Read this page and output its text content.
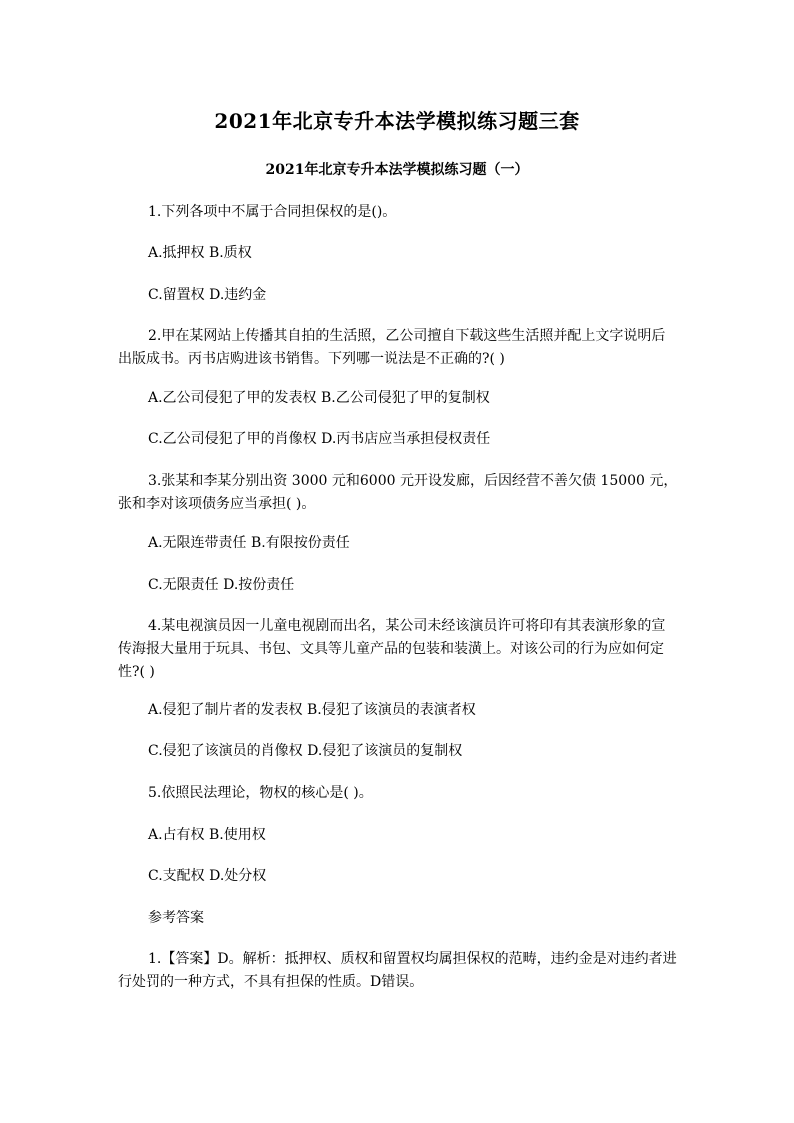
2021年北京专升本法学模拟练习题三套
2021年北京专升本法学模拟练习题（一）

1.下列各项中不属于合同担保权的是()。

A.抵押权 B.质权

C.留置权 D.违约金

2.甲在某网站上传播其自拍的生活照，乙公司擅自下载这些生活照并配上文字说明后出版成书。丙书店购进该书销售。下列哪一说法是不正确的?( )

A.乙公司侵犯了甲的发表权 B.乙公司侵犯了甲的复制权

C.乙公司侵犯了甲的肖像权 D.丙书店应当承担侵权责任

3.张某和李某分别出资 3000 元和6000 元开设发廊，后因经营不善欠债 15000 元，张和李对该项债务应当承担( )。

A.无限连带责任 B.有限按份责任

C.无限责任 D.按份责任

4.某电视演员因一儿童电视剧而出名，某公司未经该演员许可将印有其表演形象的宣传海报大量用于玩具、书包、文具等儿童产品的包装和装潢上。对该公司的行为应如何定性?( )

A.侵犯了制片者的发表权 B.侵犯了该演员的表演者权

C.侵犯了该演员的肖像权 D.侵犯了该演员的复制权

5.依照民法理论，物权的核心是( )。

A.占有权 B.使用权

C.支配权 D.处分权

参考答案

1.【答案】D。解析：抵押权、质权和留置权均属担保权的范畴，违约金是对违约者进行处罚的一种方式，不具有担保的性质。D错误。
